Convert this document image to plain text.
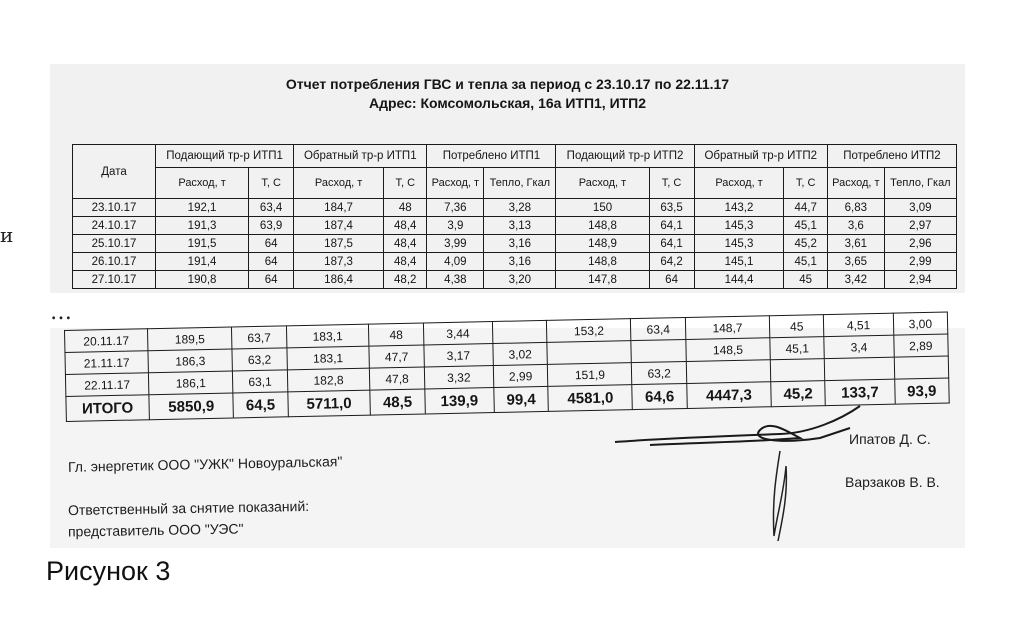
и
…
Отчет потребления ГВС и тепла за период с 23.10.17 по 22.11.17
Адрес: Комсомольская, 16а ИТП1, ИТП2
Дата	Подающий тр-р ИТП1		Обратный тр-р ИТП1		Потреблено ИТП1		Подающий тр-р ИТП2		Обратный тр-р ИТП2		Потреблено ИТП2	
	Расход, т	Т, С	Расход, т	Т, С	Расход, т	Тепло, Гкал	Расход, т	Т, С	Расход, т	Т, С	Расход, т	Тепло, Гкал
23.10.17	192,1	63,4	184,7	48	7,36	3,28	150	63,5	143,2	44,7	6,83	3,09
24.10.17	191,3	63,9	187,4	48,4	3,9	3,13	148,8	64,1	145,3	45,1	3,6	2,97
25.10.17	191,5	64	187,5	48,4	3,99	3,16	148,9	64,1	145,3	45,2	3,61	2,96
26.10.17	191,4	64	187,3	48,4	4,09	3,16	148,8	64,2	145,1	45,1	3,65	2,99
27.10.17	190,8	64	186,4	48,2	4,38	3,20	147,8	64	144,4	45	3,42	2,94
20.11.17	189,5	63,7	183,1	48	3,44		153,2	63,4	148,7	45	4,51	3,00
21.11.17	186,3	63,2	183,1	47,7	3,17	3,02			148,5	45,1	3,4	2,89
22.11.17	186,1	63,1	182,8	47,8	3,32	2,99	151,9	63,2				
ИТОГО	5850,9	64,5	5711,0	48,5	139,9	99,4	4581,0	64,6	4447,3	45,2	133,7	93,9
Гл. энергетик ООО "УЖК" Новоуральская"
Ипатов Д. С.
Ответственный за снятие показаний:
представитель ООО "УЭС"
Варзаков В. В.
Рисунок 3
